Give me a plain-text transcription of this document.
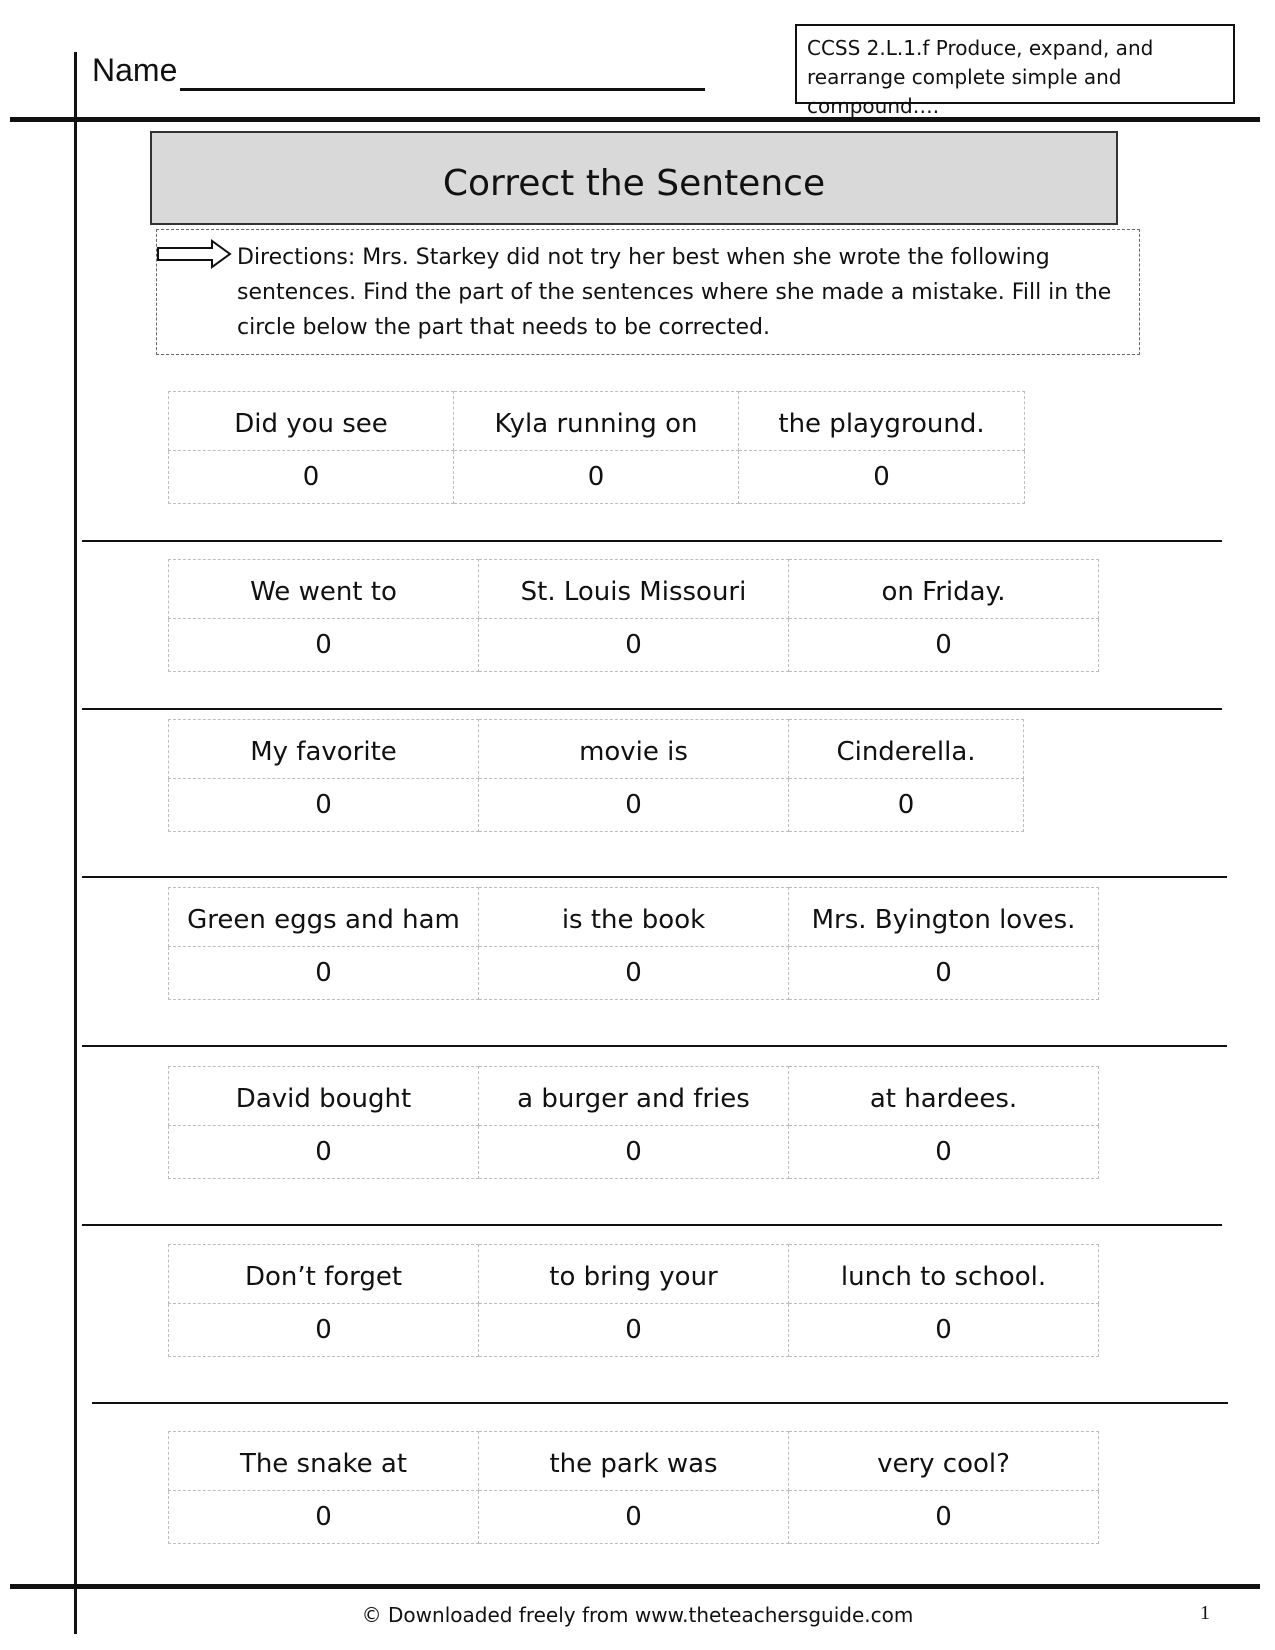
Name
CCSS 2.L.1.f Produce, expand, and
rearrange complete simple and compound….
Correct the Sentence
Directions: Mrs. Starkey did not try her best when she wrote the following sentences. Find the part of the sentences where she made a mistake. Fill in the circle below the part that needs to be corrected.
Did you see	Kyla running on	the playground.
0	0	0
We went to	St. Louis Missouri	on Friday.
0	0	0
My favorite	movie is	Cinderella.
0	0	0
Green eggs and ham	is the book	Mrs. Byington loves.
0	0	0
David bought	a burger and fries	at hardees.
0	0	0
Don’t forget	to bring your	lunch to school.
0	0	0
The snake at	the park was	very cool?
0	0	0
© Downloaded freely from www.theteachersguide.com	1
